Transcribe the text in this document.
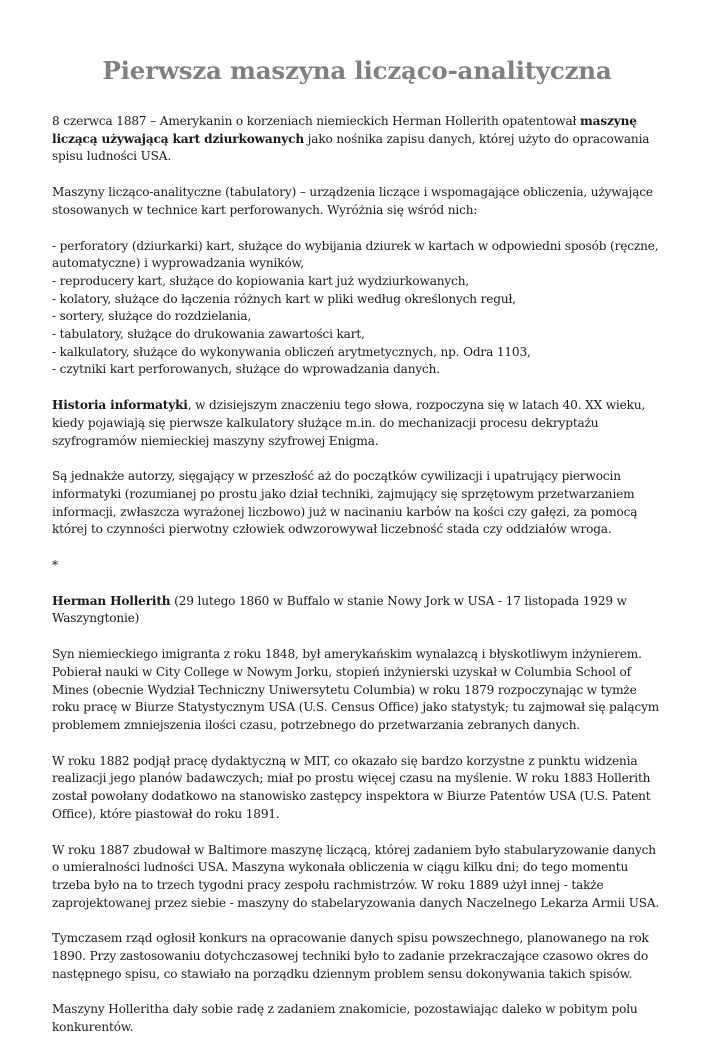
Pierwsza maszyna licząco-analityczna

8 czerwca 1887 – Amerykanin o korzeniach niemieckich Herman Hollerith opatentował maszynę liczącą używającą kart dziurkowanych jako nośnika zapisu danych, której użyto do opracowania spisu ludności USA.

Maszyny licząco-analityczne (tabulatory) – urządzenia liczące i wspomagające obliczenia, używające stosowanych w technice kart perforowanych. Wyróżnia się wśród nich:

- perforatory (dziurkarki) kart, służące do wybijania dziurek w kartach w odpowiedni sposób (ręczne, automatyczne) i wyprowadzania wyników,
- reproducery kart, służące do kopiowania kart już wydziurkowanych,
- kolatory, służące do łączenia różnych kart w pliki według określonych reguł,
- sortery, służące do rozdzielania,
- tabulatory, służące do drukowania zawartości kart,
- kalkulatory, służące do wykonywania obliczeń arytmetycznych, np. Odra 1103,
- czytniki kart perforowanych, służące do wprowadzania danych.

Historia informatyki, w dzisiejszym znaczeniu tego słowa, rozpoczyna się w latach 40. XX wieku, kiedy pojawiają się pierwsze kalkulatory służące m.in. do mechanizacji procesu dekryptażu szyfrogramów niemieckiej maszyny szyfrowej Enigma.

Są jednakże autorzy, sięgający w przeszłość aż do początków cywilizacji i upatrujący pierwocin informatyki (rozumianej po prostu jako dział techniki, zajmujący się sprzętowym przetwarzaniem informacji, zwłaszcza wyrażonej liczbowo) już w nacinaniu karbów na kości czy gałęzi, za pomocą której to czynności pierwotny człowiek odwzorowywał liczebność stada czy oddziałów wroga.

*

Herman Hollerith (29 lutego 1860 w Buffalo w stanie Nowy Jork w USA - 17 listopada 1929 w Waszyngtonie)

Syn niemieckiego imigranta z roku 1848, był amerykańskim wynalazcą i błyskotliwym inżynierem. Pobierał nauki w City College w Nowym Jorku, stopień inżynierski uzyskał w Columbia School of Mines (obecnie Wydział Techniczny Uniwersytetu Columbia) w roku 1879 rozpoczynając w tymże roku pracę w Biurze Statystycznym USA (U.S. Census Office) jako statystyk; tu zajmował się palącym problemem zmniejszenia ilości czasu, potrzebnego do przetwarzania zebranych danych.

W roku 1882 podjął pracę dydaktyczną w MIT, co okazało się bardzo korzystne z punktu widzenia realizacji jego planów badawczych; miał po prostu więcej czasu na myślenie. W roku 1883 Hollerith został powołany dodatkowo na stanowisko zastępcy inspektora w Biurze Patentów USA (U.S. Patent Office), które piastował do roku 1891.

W roku 1887 zbudował w Baltimore maszynę liczącą, której zadaniem było stabularyzowanie danych o umieralności ludności USA. Maszyna wykonała obliczenia w ciągu kilku dni; do tego momentu trzeba było na to trzech tygodni pracy zespołu rachmistrzów. W roku 1889 użył innej - także zaprojektowanej przez siebie - maszyny do stabelaryzowania danych Naczelnego Lekarza Armii USA.

Tymczasem rząd ogłosił konkurs na opracowanie danych spisu powszechnego, planowanego na rok 1890. Przy zastosowaniu dotychczasowej techniki było to zadanie przekraczające czasowo okres do następnego spisu, co stawiało na porządku dziennym problem sensu dokonywania takich spisów.

Maszyny Holleritha dały sobie radę z zadaniem znakomicie, pozostawiając daleko w pobitym polu konkurentów.
